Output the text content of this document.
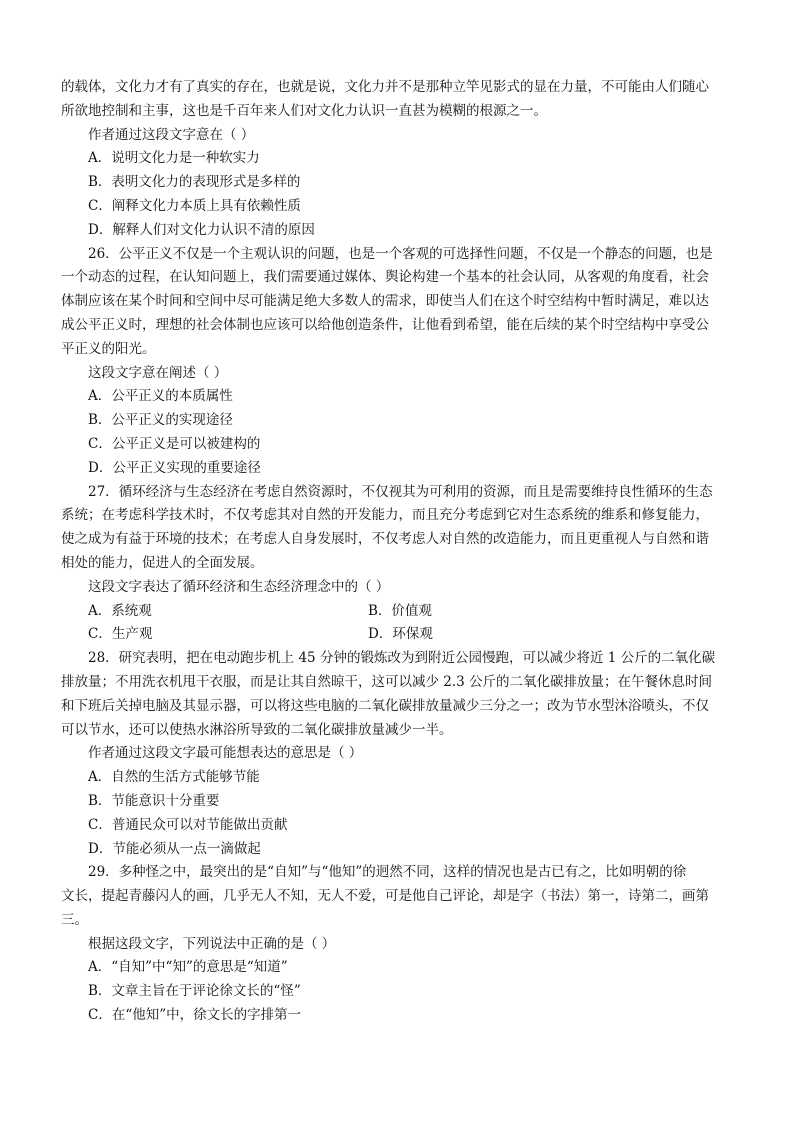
的载体，文化力才有了真实的存在，也就是说，文化力并不是那种立竿见影式的显在力量，不可能由人们随心
所欲地控制和主事，这也是千百年来人们对文化力认识一直甚为模糊的根源之一。
作者通过这段文字意在（ ）
A．说明文化力是一种软实力
B．表明文化力的表现形式是多样的
C．阐释文化力本质上具有依赖性质
D．解释人们对文化力认识不清的原因
26．公平正义不仅是一个主观认识的问题，也是一个客观的可选择性问题，不仅是一个静态的问题，也是
一个动态的过程，在认知问题上，我们需要通过媒体、舆论构建一个基本的社会认同，从客观的角度看，社会
体制应该在某个时间和空间中尽可能满足绝大多数人的需求，即使当人们在这个时空结构中暂时满足，难以达
成公平正义时，理想的社会体制也应该可以给他创造条件，让他看到希望，能在后续的某个时空结构中享受公
平正义的阳光。
这段文字意在阐述（ ）
A．公平正义的本质属性
B．公平正义的实现途径
C．公平正义是可以被建构的
D．公平正义实现的重要途径
27．循环经济与生态经济在考虑自然资源时，不仅视其为可利用的资源，而且是需要维持良性循环的生态
系统；在考虑科学技术时，不仅考虑其对自然的开发能力，而且充分考虑到它对生态系统的维系和修复能力，
使之成为有益于环境的技术；在考虑人自身发展时，不仅考虑人对自然的改造能力，而且更重视人与自然和谐
相处的能力，促进人的全面发展。
这段文字表达了循环经济和生态经济理念中的（ ）
A．系统观	B．价值观
C．生产观	D．环保观
28．研究表明，把在电动跑步机上 45 分钟的锻炼改为到附近公园慢跑，可以减少将近 1 公斤的二氧化碳
排放量；不用洗衣机甩干衣服，而是让其自然晾干，这可以减少 2.3 公斤的二氧化碳排放量；在午餐休息时间
和下班后关掉电脑及其显示器，可以将这些电脑的二氧化碳排放量减少三分之一；改为节水型沐浴喷头，不仅
可以节水，还可以使热水淋浴所导致的二氧化碳排放量减少一半。
作者通过这段文字最可能想表达的意思是（ ）
A．自然的生活方式能够节能
B．节能意识十分重要
C．普通民众可以对节能做出贡献
D．节能必须从一点一滴做起
29．多种怪之中，最突出的是“自知”与“他知”的迥然不同，这样的情况也是古已有之，比如明朝的徐
文长，提起青藤闪人的画，几乎无人不知，无人不爱，可是他自己评论，却是字（书法）第一，诗第二，画第
三。
根据这段文字，下列说法中正确的是（ ）
A．“自知”中“知”的意思是“知道”
B．文章主旨在于评论徐文长的“怪”
C．在“他知”中，徐文长的字排第一
